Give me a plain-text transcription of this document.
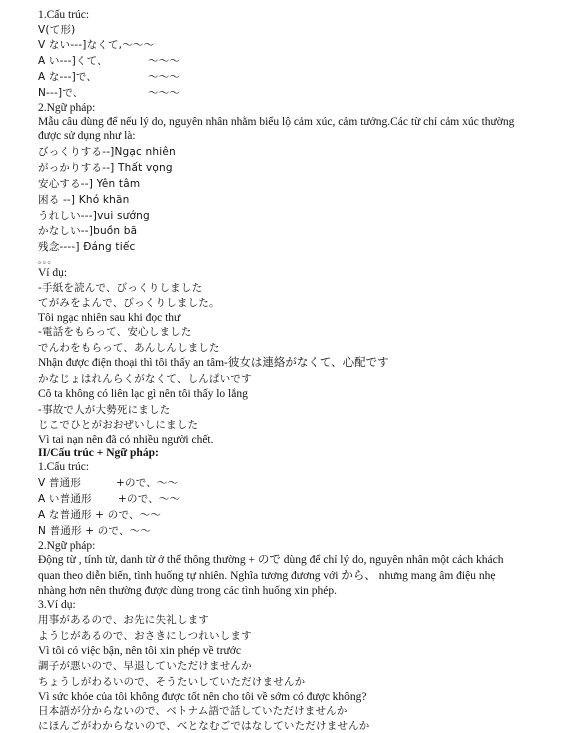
1.Cấu trúc:
V(て形)
V ない---]なくて,〜〜〜
A い---]くて、	〜〜〜
A な---]で、	〜〜〜
N---]で、	〜〜〜
2.Ngữ pháp:
Mẫu câu dùng để nếu lý do, nguyên nhân nhằm biểu lộ cảm xúc, cảm tưởng.Các từ chỉ cảm xúc thường
được sử dụng như là:
びっくりする--]Ngạc nhiên
がっかりする--] Thất vọng
安心する--] Yên tâm
困る --] Khó khăn
うれしい---]vui sướng
かなしい--]buồn bã
残念----] Đáng tiếc
。。。
Ví dụ:
-手紙を読んで、びっくりしました
てがみをよんで、びっくりしました。
Tôi ngạc nhiên sau khi đọc thư
-電話をもらって、安心しました
でんわをもらって、あんしんしました
Nhận được điện thoại thì tôi thấy an tâm-彼女は連絡がなくて、心配です
かなじょはれんらくがなくて、しんぱいです
Cô ta không có liên lạc gì nên tôi thấy lo lắng
-事故で人が大勢死にました
じこでひとがおおぜいしにました
Vì tai nạn nên đã có nhiều người chết.
II/Cấu trúc + Ngữ pháp:
1.Cấu trúc:
V 普通形	+ので、〜〜
A い普通形	+ので、〜〜
A な普通形 + ので、〜〜
N 普通形 + ので、〜〜
2.Ngữ pháp:
Động từ , tính từ, danh từ ở thể thông thường + ので dùng để chỉ lý do, nguyên nhân một cách khách
quan theo diễn biến, tình huống tự nhiên. Nghĩa tương đương với から、 nhưng mang âm điệu nhẹ
nhàng hơn nên thường được dùng trong các tình huống xin phép.
3.Ví dụ:
用事があるので、お先に失礼します
ようじがあるので、おさきにしつれいします
Vì tôi có việc bận, nên tôi xin phép về trước
調子が悪いので、早退していただけませんか
ちょうしがわるいので、そうたいしていただけませんか
Vì sức khỏe của tôi không được tốt nên cho tôi về sớm có được không?
日本語が分からないので、ベトナム語で話していただけませんか
にほんごがわからないので、べとなむごではなしていただけませんか
